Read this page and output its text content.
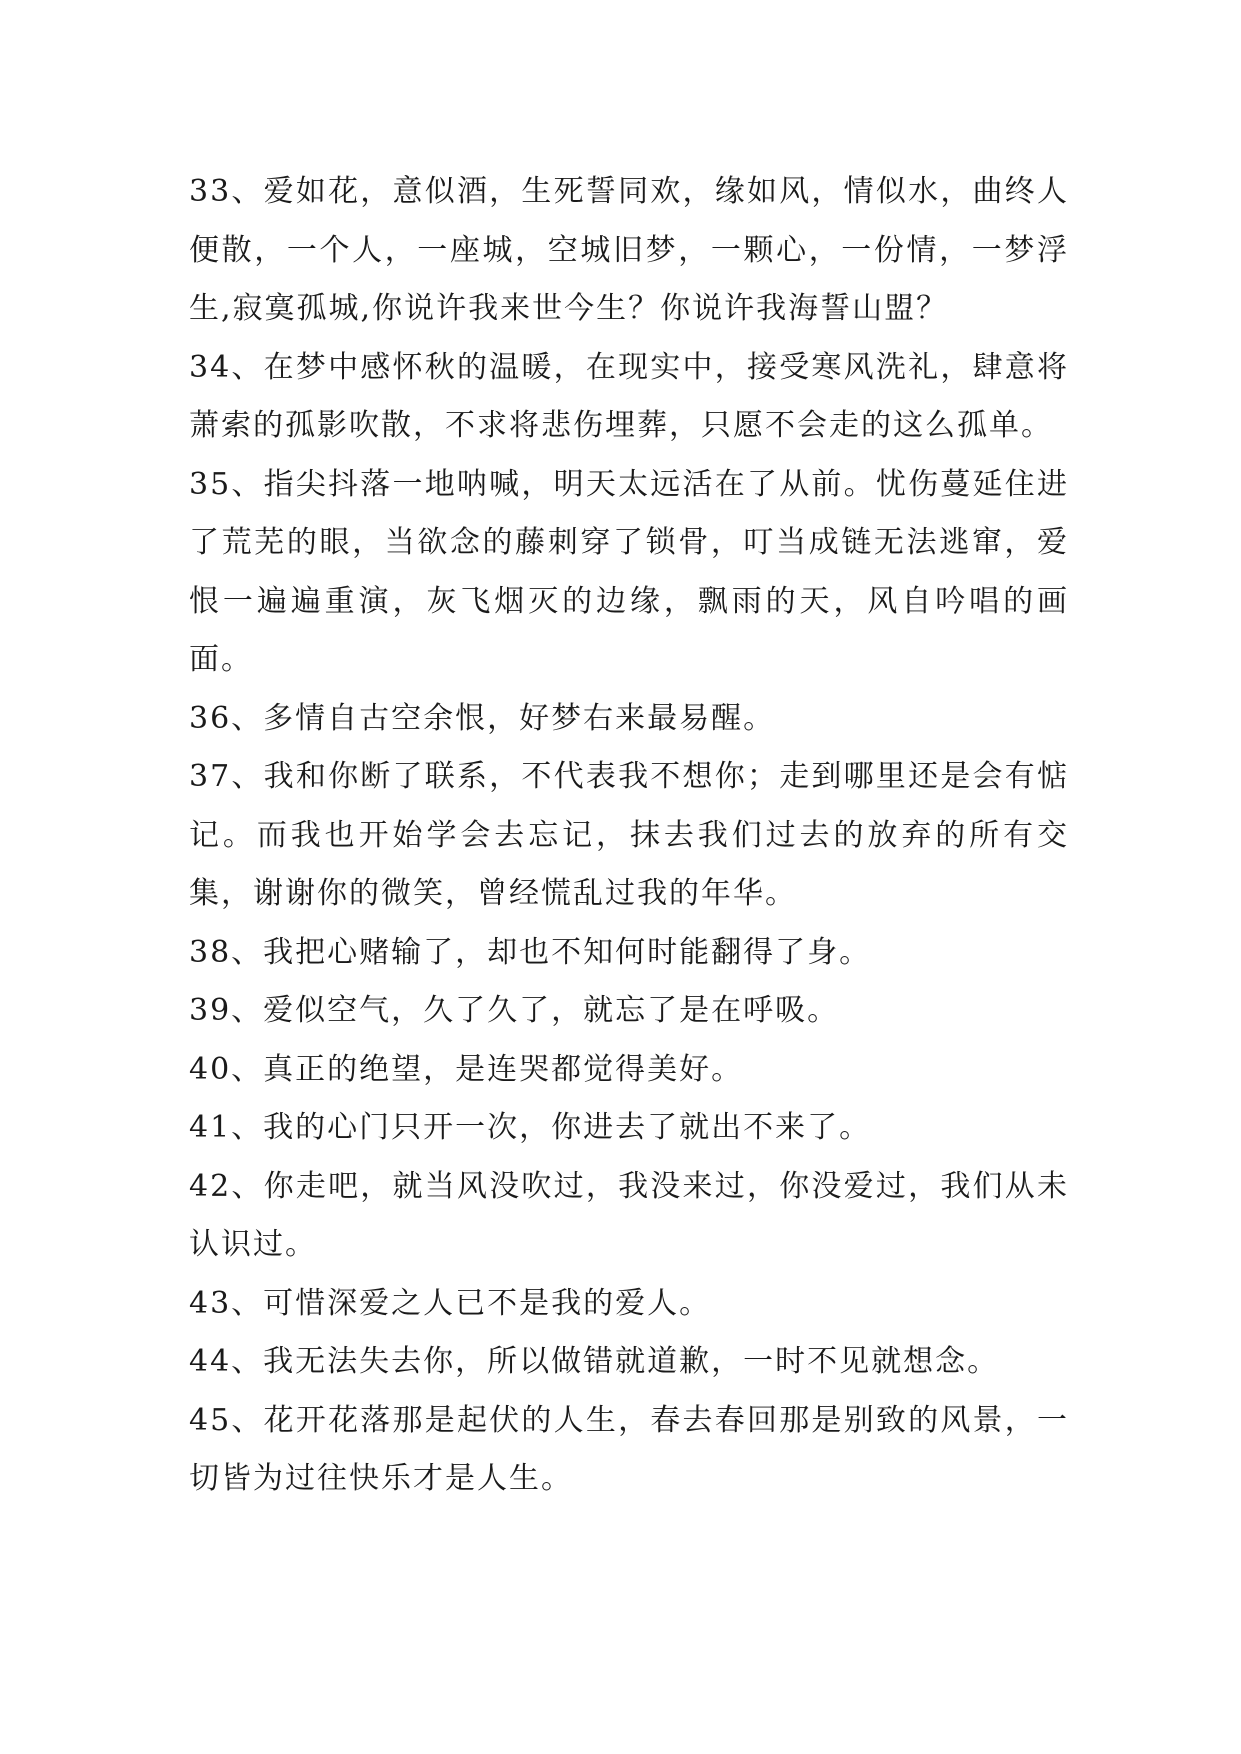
33、爱如花，意似酒，生死誓同欢，缘如风，情似水，曲终人便散，一个人，一座城，空城旧梦，一颗心，一份情，一梦浮生,寂寞孤城,你说许我来世今生？你说许我海誓山盟？

34、在梦中感怀秋的温暖，在现实中，接受寒风洗礼，肆意将萧索的孤影吹散，不求将悲伤埋葬，只愿不会走的这么孤单。

35、指尖抖落一地呐喊，明天太远活在了从前。忧伤蔓延住进了荒芜的眼，当欲念的藤刺穿了锁骨，叮当成链无法逃窜，爱恨一遍遍重演，灰飞烟灭的边缘，飘雨的天，风自吟唱的画面。

36、多情自古空余恨，好梦右来最易醒。

37、我和你断了联系，不代表我不想你；走到哪里还是会有惦记。而我也开始学会去忘记，抹去我们过去的放弃的所有交集，谢谢你的微笑，曾经慌乱过我的年华。

38、我把心赌输了，却也不知何时能翻得了身。

39、爱似空气，久了久了，就忘了是在呼吸。

40、真正的绝望，是连哭都觉得美好。

41、我的心门只开一次，你进去了就出不来了。

42、你走吧，就当风没吹过，我没来过，你没爱过，我们从未认识过。

43、可惜深爱之人已不是我的爱人。

44、我无法失去你，所以做错就道歉，一时不见就想念。

45、花开花落那是起伏的人生，春去春回那是别致的风景，一切皆为过往快乐才是人生。
